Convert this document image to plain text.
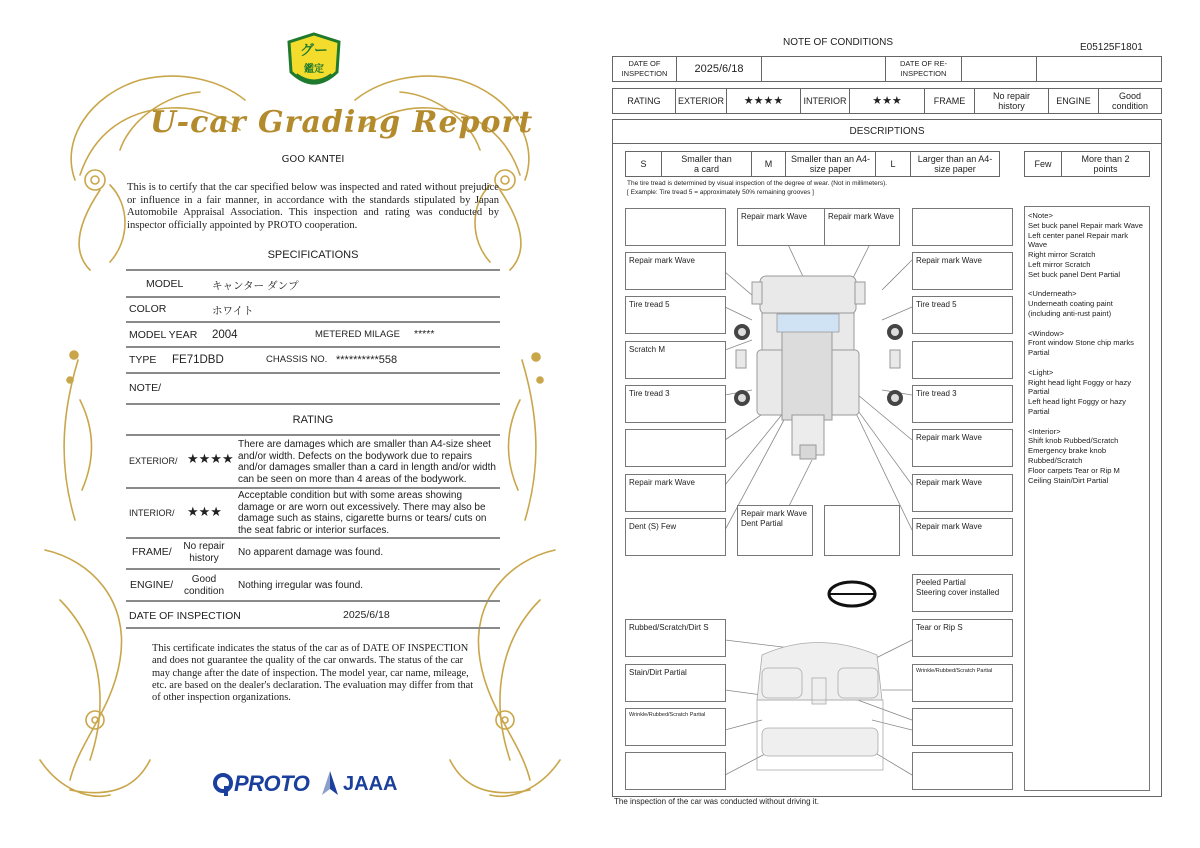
グー
鑑定
U-car Grading Report
GOO KANTEI
This is to certify that the car specified below was inspected and rated without prejudice or influence in a fair manner, in accordance with the standards stipulated by Japan Automobile Appraisal Association. This inspection and rating was conducted by inspector officially appointed by PROTO cooperation.
SPECIFICATIONS
MODEL	キャンター ダンプ
COLOR	ホワイト
MODEL YEAR 2004	METERED MILAGE *****
TYPE FE71DBD	CHASSIS NO. **********558
NOTE/
RATING
EXTERIOR/ ★★★★
There are damages which are smaller than A4-size sheet and/or width. Defects on the bodywork due to repairs and/or damages smaller than a card in length and/or width can be seen on more than 4 areas of the bodywork.
INTERIOR/ ★★★
Acceptable condition but with some areas showing damage or are worn out excessively. There may also be damage such as stains, cigarette burns or tears/ cuts on the seat fabric or interior surfaces.
FRAME/	No repair history	No apparent damage was found.
ENGINE/	Good condition	Nothing irregular was found.
DATE OF INSPECTION	2025/6/18
This certificate indicates the status of the car as of DATE OF INSPECTION and does not guarantee the quality of the car onwards. The status of the car may change after the date of inspection. The model year, car name, mileage, etc. are based on the dealer's declaration. The evaluation may differ from that of other inspection organizations.
PROTO JAAA
NOTE OF CONDITIONS	E05125F1801
DATE OF INSPECTION	2025/6/18	DATE OF RE-INSPECTION
RATING	EXTERIOR	★★★★	INTERIOR	★★★	FRAME	No repair history	ENGINE	Good condition
DESCRIPTIONS
S	Smaller than a card	M	Smaller than an A4-size paper	L	Larger than an A4-size paper	Few	More than 2 points
The tire tread is determined by visual inspection of the degree of wear. (Not in millimeters).
[ Example: Tire tread 5 = approximately 50% remaining grooves ]
Repair mark Wave	Repair mark Wave
Repair mark Wave	Repair mark Wave
Tire tread 5	Tire tread 5
Scratch M
Tire tread 3	Tire tread 3
Repair mark Wave
Repair mark Wave	Repair mark Wave
Dent (S) Few
Repair mark Wave
Dent Partial	Repair mark Wave
Peeled Partial
Steering cover installed
Rubbed/Scratch/Dirt S	Tear or Rip S
Stain/Dirt Partial	Wrinkle/Rubbed/Scratch Partial
Wrinkle/Rubbed/Scratch Partial
<Note>
Set buck panel Repair mark Wave
Left center panel Repair mark Wave
Right mirror Scratch
Left mirror Scratch
Set buck panel Dent Partial

<Underneath>
Underneath coating paint (including anti-rust paint)

<Window>
Front window Stone chip marks Partial

<Light>
Right head light Foggy or hazy Partial
Left head light Foggy or hazy Partial

<Interior>
Shift knob Rubbed/Scratch
Emergency brake knob Rubbed/Scratch
Floor carpets Tear or Rip M
Ceiling Stain/Dirt Partial
The inspection of the car was conducted without driving it.
